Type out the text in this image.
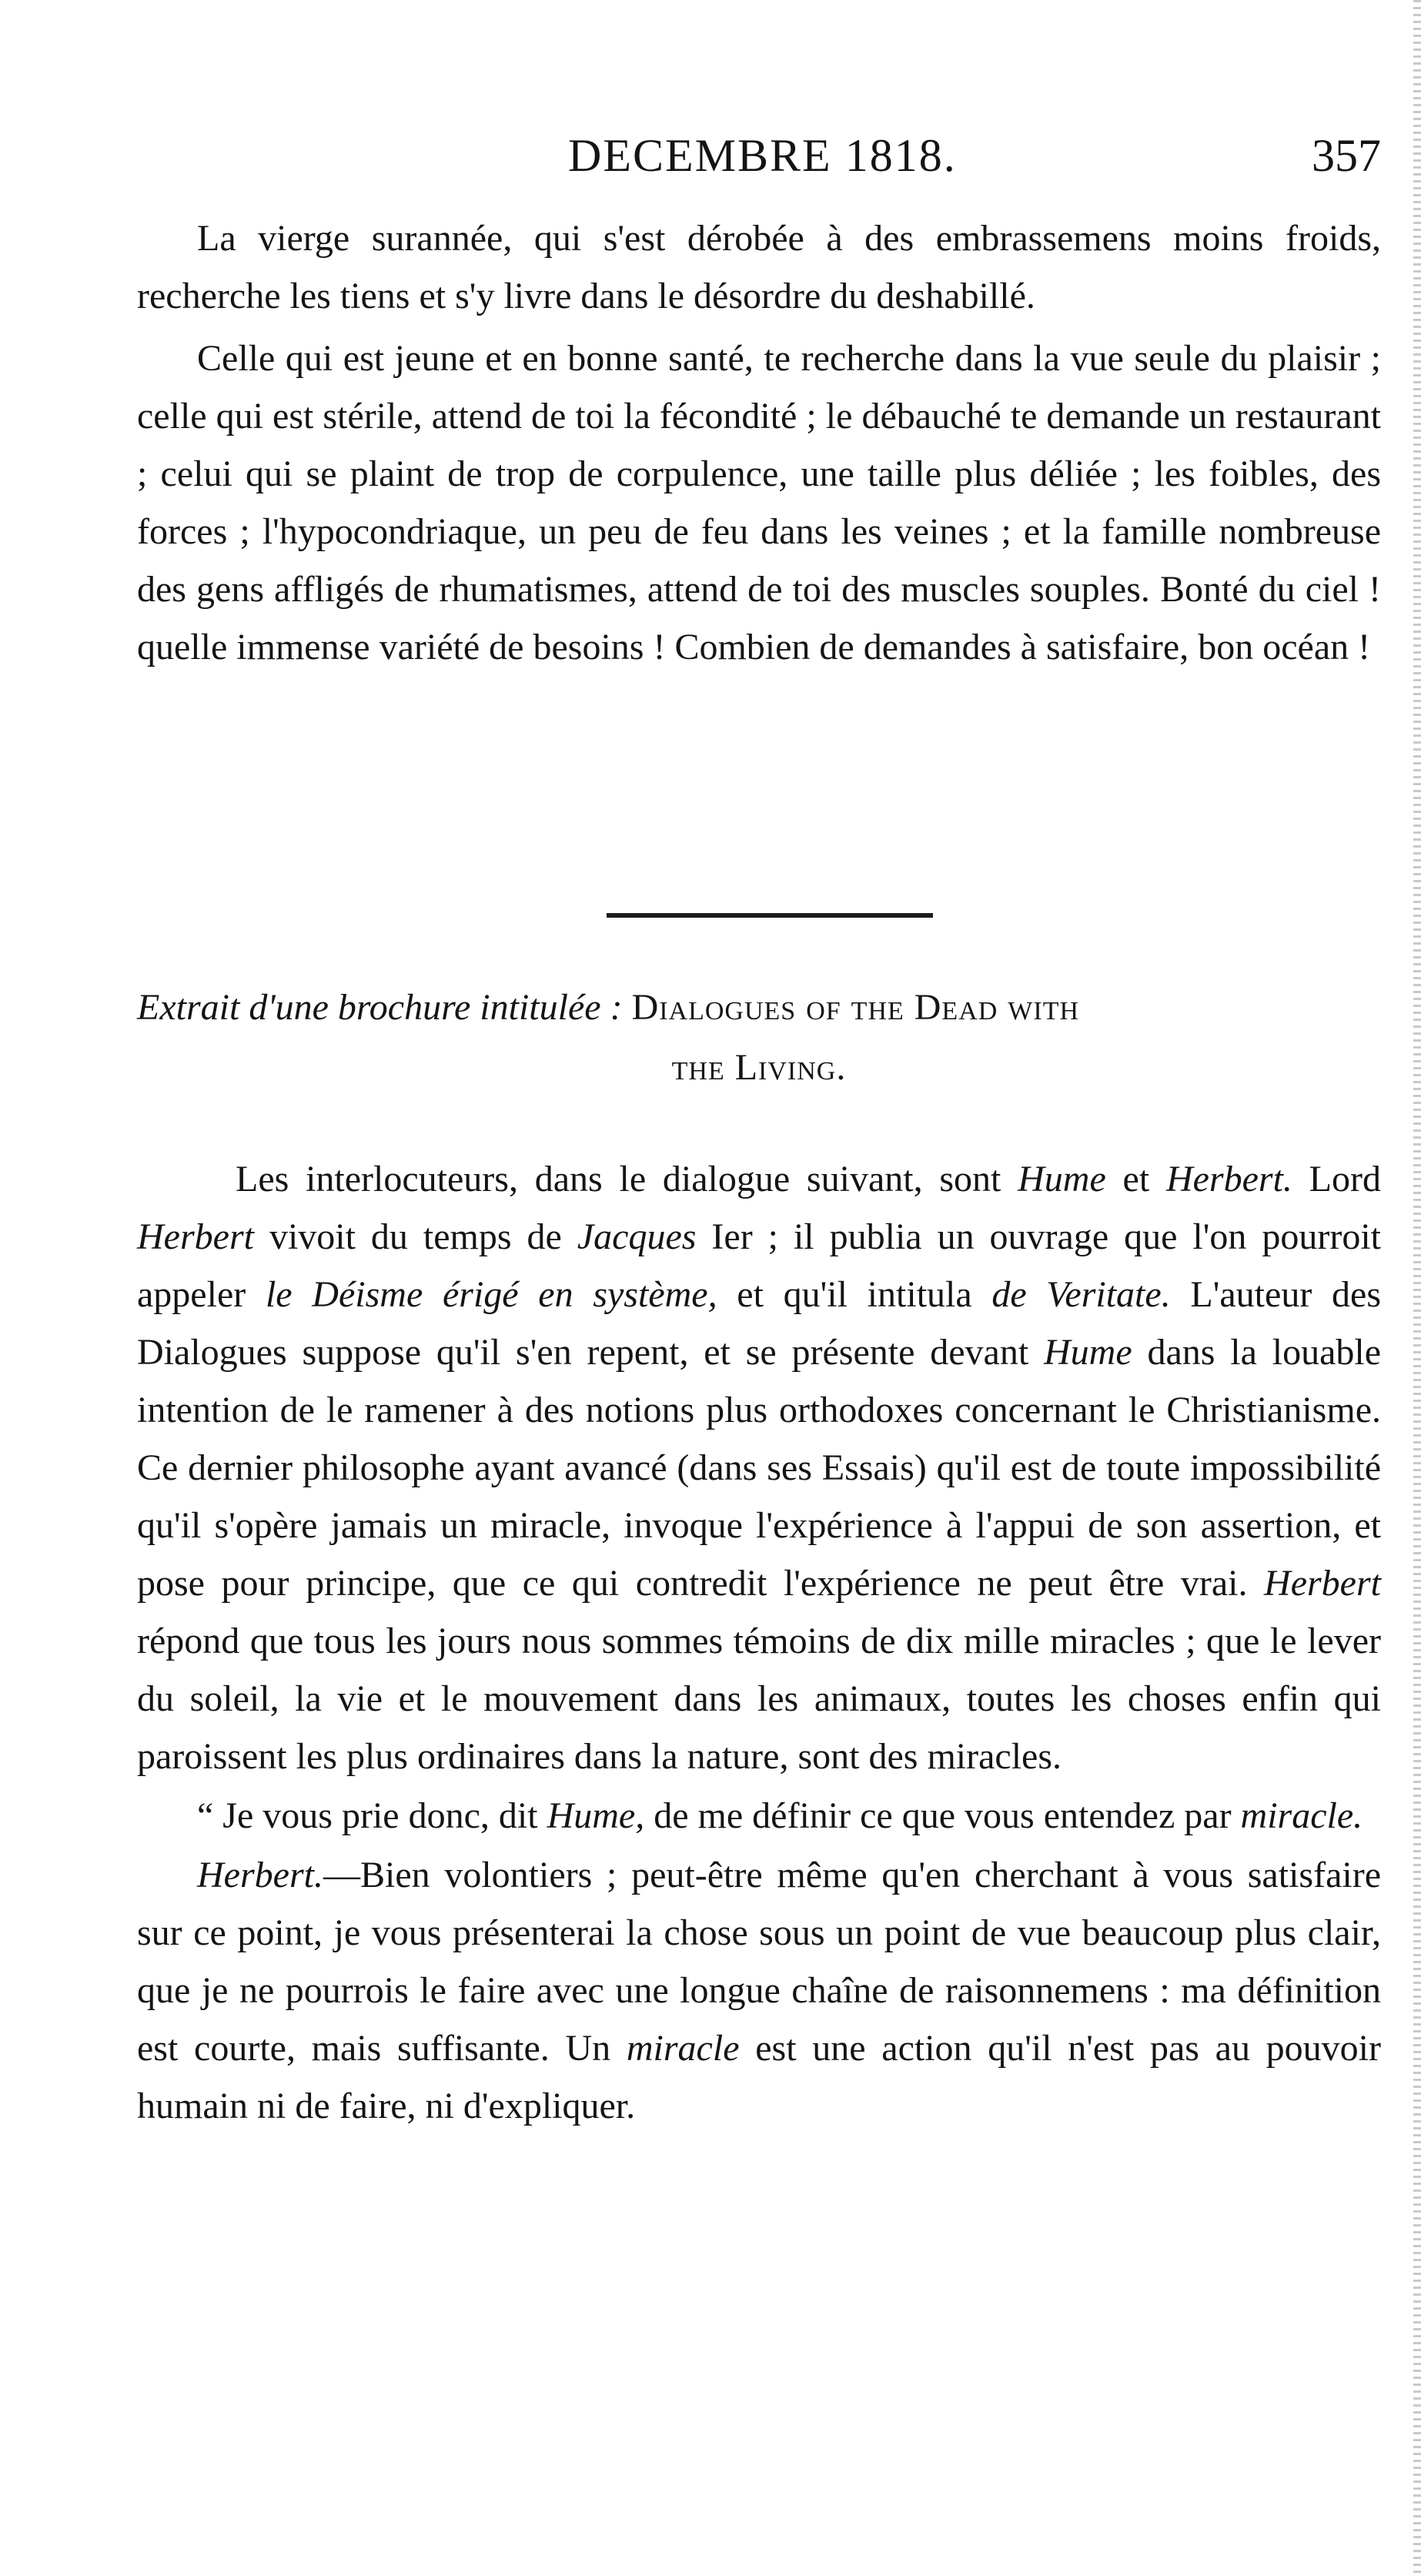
DECEMBRE 1818.	357

La vierge surannée, qui s'est dérobée à des embrassemens moins froids, recherche les tiens et s'y livre dans le désordre du deshabillé.

Celle qui est jeune et en bonne santé, te recherche dans la vue seule du plaisir ; celle qui est stérile, attend de toi la fécondité ; le débauché te demande un restaurant ; celui qui se plaint de trop de corpulence, une taille plus déliée ; les foibles, des forces ; l'hypocondriaque, un peu de feu dans les veines ; et la famille nombreuse des gens affligés de rhumatismes, attend de toi des muscles souples. Bonté du ciel ! quelle immense variété de besoins ! Combien de demandes à satisfaire, bon océan !

Extrait d'une brochure intitulée : Dialogues of the Dead with
the Living.

Les interlocuteurs, dans le dialogue suivant, sont Hume et Herbert. Lord Herbert vivoit du temps de Jacques Ier ; il publia un ouvrage que l'on pourroit appeler le Déisme érigé en système, et qu'il intitula de Veritate. L'auteur des Dialogues suppose qu'il s'en repent, et se présente devant Hume dans la louable intention de le ramener à des notions plus orthodoxes concernant le Christianisme. Ce dernier philosophe ayant avancé (dans ses Essais) qu'il est de toute impossibilité qu'il s'opère jamais un miracle, invoque l'expérience à l'appui de son assertion, et pose pour principe, que ce qui contredit l'expérience ne peut être vrai. Herbert répond que tous les jours nous sommes témoins de dix mille miracles ; que le lever du soleil, la vie et le mouvement dans les animaux, toutes les choses enfin qui paroissent les plus ordinaires dans la nature, sont des miracles.

“ Je vous prie donc, dit Hume, de me définir ce que vous entendez par miracle.

Herbert.—Bien volontiers ; peut-être même qu'en cherchant à vous satisfaire sur ce point, je vous présenterai la chose sous un point de vue beaucoup plus clair, que je ne pourrois le faire avec une longue chaîne de raisonnemens : ma définition est courte, mais suffisante. Un miracle est une action qu'il n'est pas au pouvoir humain ni de faire, ni d'expliquer.
